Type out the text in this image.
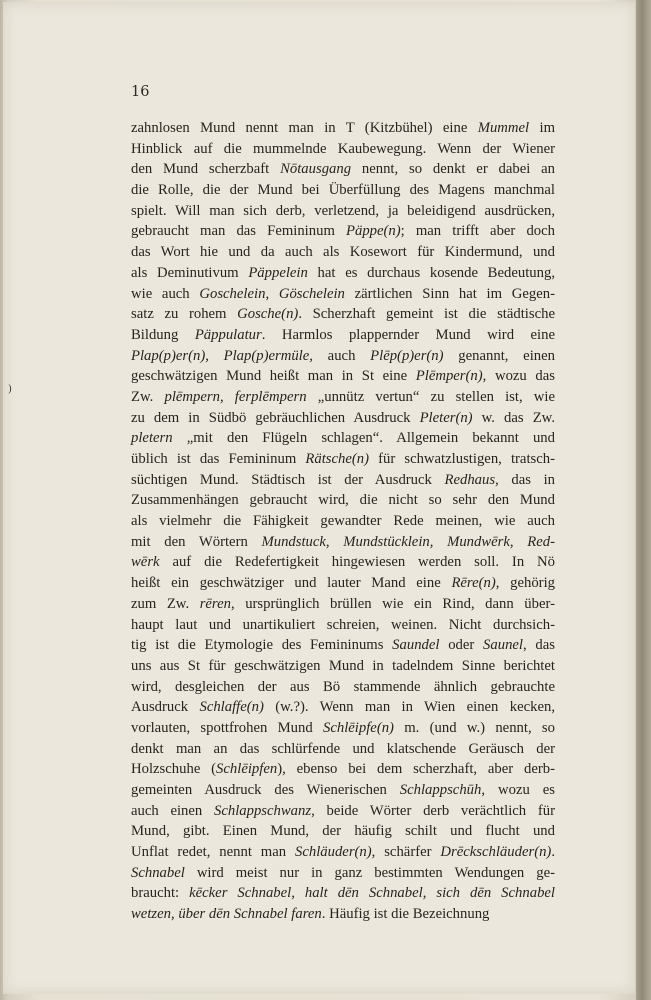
)
16
zahnlosen Mund nennt man in T (Kitzbühel) eine Mummel im
Hinblick auf die mummelnde Kaubewegung. Wenn der Wiener
den Mund scherzbaft Nōtausgang nennt, so denkt er dabei an
die Rolle, die der Mund bei Überfüllung des Magens manchmal
spielt. Will man sich derb, verletzend, ja beleidigend ausdrücken,
gebraucht man das Femininum Päppe(n); man trifft aber doch
das Wort hie und da auch als Kosewort für Kindermund, und
als Deminutivum Päppelein hat es durchaus kosende Bedeutung,
wie auch Goschelein, Göschelein zärtlichen Sinn hat im Gegen-
satz zu rohem Gosche(n). Scherzhaft gemeint ist die städtische
Bildung Päppulatur. Harmlos plappernder Mund wird eine
Plap(p)er(n), Plap(p)ermüle, auch Plēp(p)er(n) genannt, einen
geschwätzigen Mund heißt man in St eine Plēmper(n), wozu das
Zw. plēmpern, ferplēmpern „unnütz vertun“ zu stellen ist, wie
zu dem in Südbö gebräuchlichen Ausdruck Pleter(n) w. das Zw.
pletern „mit den Flügeln schlagen“. Allgemein bekannt und
üblich ist das Femininum Rätsche(n) für schwatzlustigen, tratsch-
süchtigen Mund. Städtisch ist der Ausdruck Redhaus, das in
Zusammenhängen gebraucht wird, die nicht so sehr den Mund
als vielmehr die Fähigkeit gewandter Rede meinen, wie auch
mit den Wörtern Mundstuck, Mundstücklein, Mundwērk, Red-
wērk auf die Redefertigkeit hingewiesen werden soll. In Nö
heißt ein geschwätziger und lauter Mand eine Rēre(n), gehörig
zum Zw. rēren, ursprünglich brüllen wie ein Rind, dann über-
haupt laut und unartikuliert schreien, weinen. Nicht durchsich-
tig ist die Etymologie des Femininums Saundel oder Saunel, das
uns aus St für geschwätzigen Mund in tadelndem Sinne berichtet
wird, desgleichen der aus Bö stammende ähnlich gebrauchte
Ausdruck Schlaffe(n) (w.?). Wenn man in Wien einen kecken,
vorlauten, spottfrohen Mund Schlēipfe(n) m. (und w.) nennt, so
denkt man an das schlürfende und klatschende Geräusch der
Holzschuhe (Schlēipfen), ebenso bei dem scherzhaft, aber derb-
gemeinten Ausdruck des Wienerischen Schlappschūh, wozu es
auch einen Schlappschwanz, beide Wörter derb verächtlich für
Mund, gibt. Einen Mund, der häufig schilt und flucht und
Unflat redet, nennt man Schläuder(n), schärfer Drēckschläuder(n).
Schnabel wird meist nur in ganz bestimmten Wendungen ge-
braucht: kēcker Schnabel, halt dēn Schnabel, sich dēn Schnabel
wetzen, über dēn Schnabel faren. Häufig ist die Bezeichnung
